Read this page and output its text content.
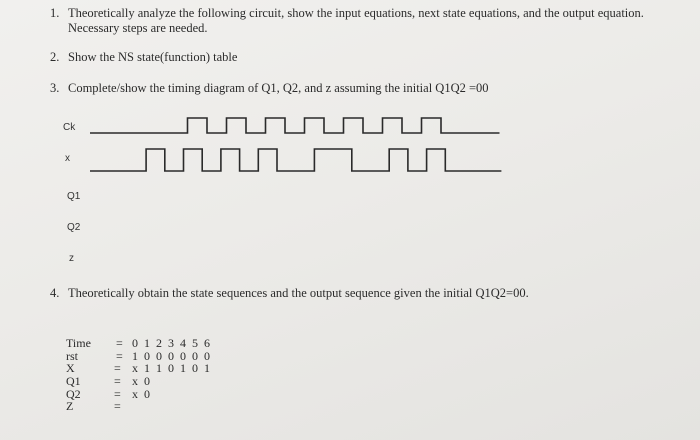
1. Theoretically analyze the following circuit, show the input equations, next state equations, and the output equation. Necessary steps are needed.
2. Show the NS state(function) table
3. Complete/show the timing diagram of Q1, Q2, and z assuming the initial Q1Q2 =00
Ck
x
Q1
Q2
z
4. Theoretically obtain the state sequences and the output sequence given the initial Q1Q2=00.
Time = 0 1 2 3 4 5 6
rst	= 1 0 0 0 0 0 0
X	= x 1 1 0 1 0 1
Q1	= x 0
Q2	= x 0
Z	=
